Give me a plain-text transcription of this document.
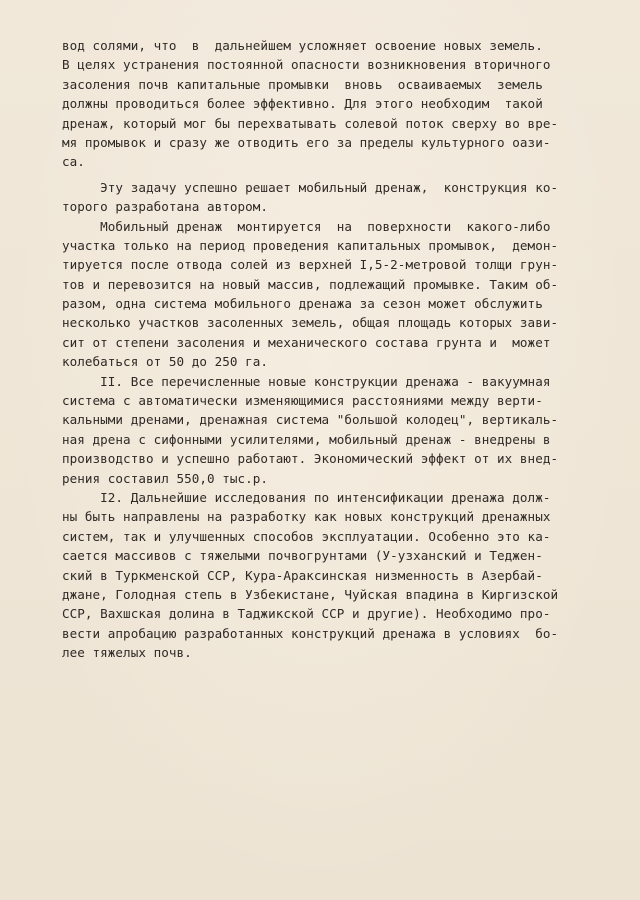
вод солями, что  в  дальнейшем усложняет освоение новых земель.
В целях устранения постоянной опасности возникновения вторичного
засоления почв капитальные промывки  вновь  осваиваемых  земель
должны проводиться более эффективно. Для этого необходим  такой
дренаж, который мог бы перехватывать солевой поток сверху во вре-
мя промывок и сразу же отводить его за пределы культурного оази-
са.
Эту задачу успешно решает мобильный дренаж,  конструкция ко-
торого разработана автором.
Мобильный дренаж  монтируется  на  поверхности  какого-либо
участка только на период проведения капитальных промывок,  демон-
тируется после отвода солей из верхней I,5-2-метровой толщи грун-
тов и перевозится на новый массив, подлежащий промывке. Таким об-
разом, одна система мобильного дренажа за сезон может обслужить
несколько участков засоленных земель, общая площадь которых зави-
сит от степени засоления и механического состава грунта и  может
колебаться от 50 до 250 га.
II. Все перечисленные новые конструкции дренажа - вакуумная
система с автоматически изменяющимися расстояниями между верти-
кальными дренами, дренажная система "большой колодец", вертикаль-
ная дрена с сифонными усилителями, мобильный дренаж - внедрены в
производство и успешно работают. Экономический эффект от их внед-
рения составил 550,0 тыс.р.
I2. Дальнейшие исследования по интенсификации дренажа долж-
ны быть направлены на разработку как новых конструкций дренажных
систем, так и улучшенных способов эксплуатации. Особенно это ка-
сается массивов с тяжелыми почвогрунтами (У-узханский и Теджен-
ский в Туркменской ССР, Кура-Араксинская низменность в Азербай-
джане, Голодная степь в Узбекистане, Чуйская впадина в Киргизской
ССР, Вахшская долина в Таджикской ССР и другие). Необходимо про-
вести апробацию разработанных конструкций дренажа в условиях  бо-
лее тяжелых почв.
